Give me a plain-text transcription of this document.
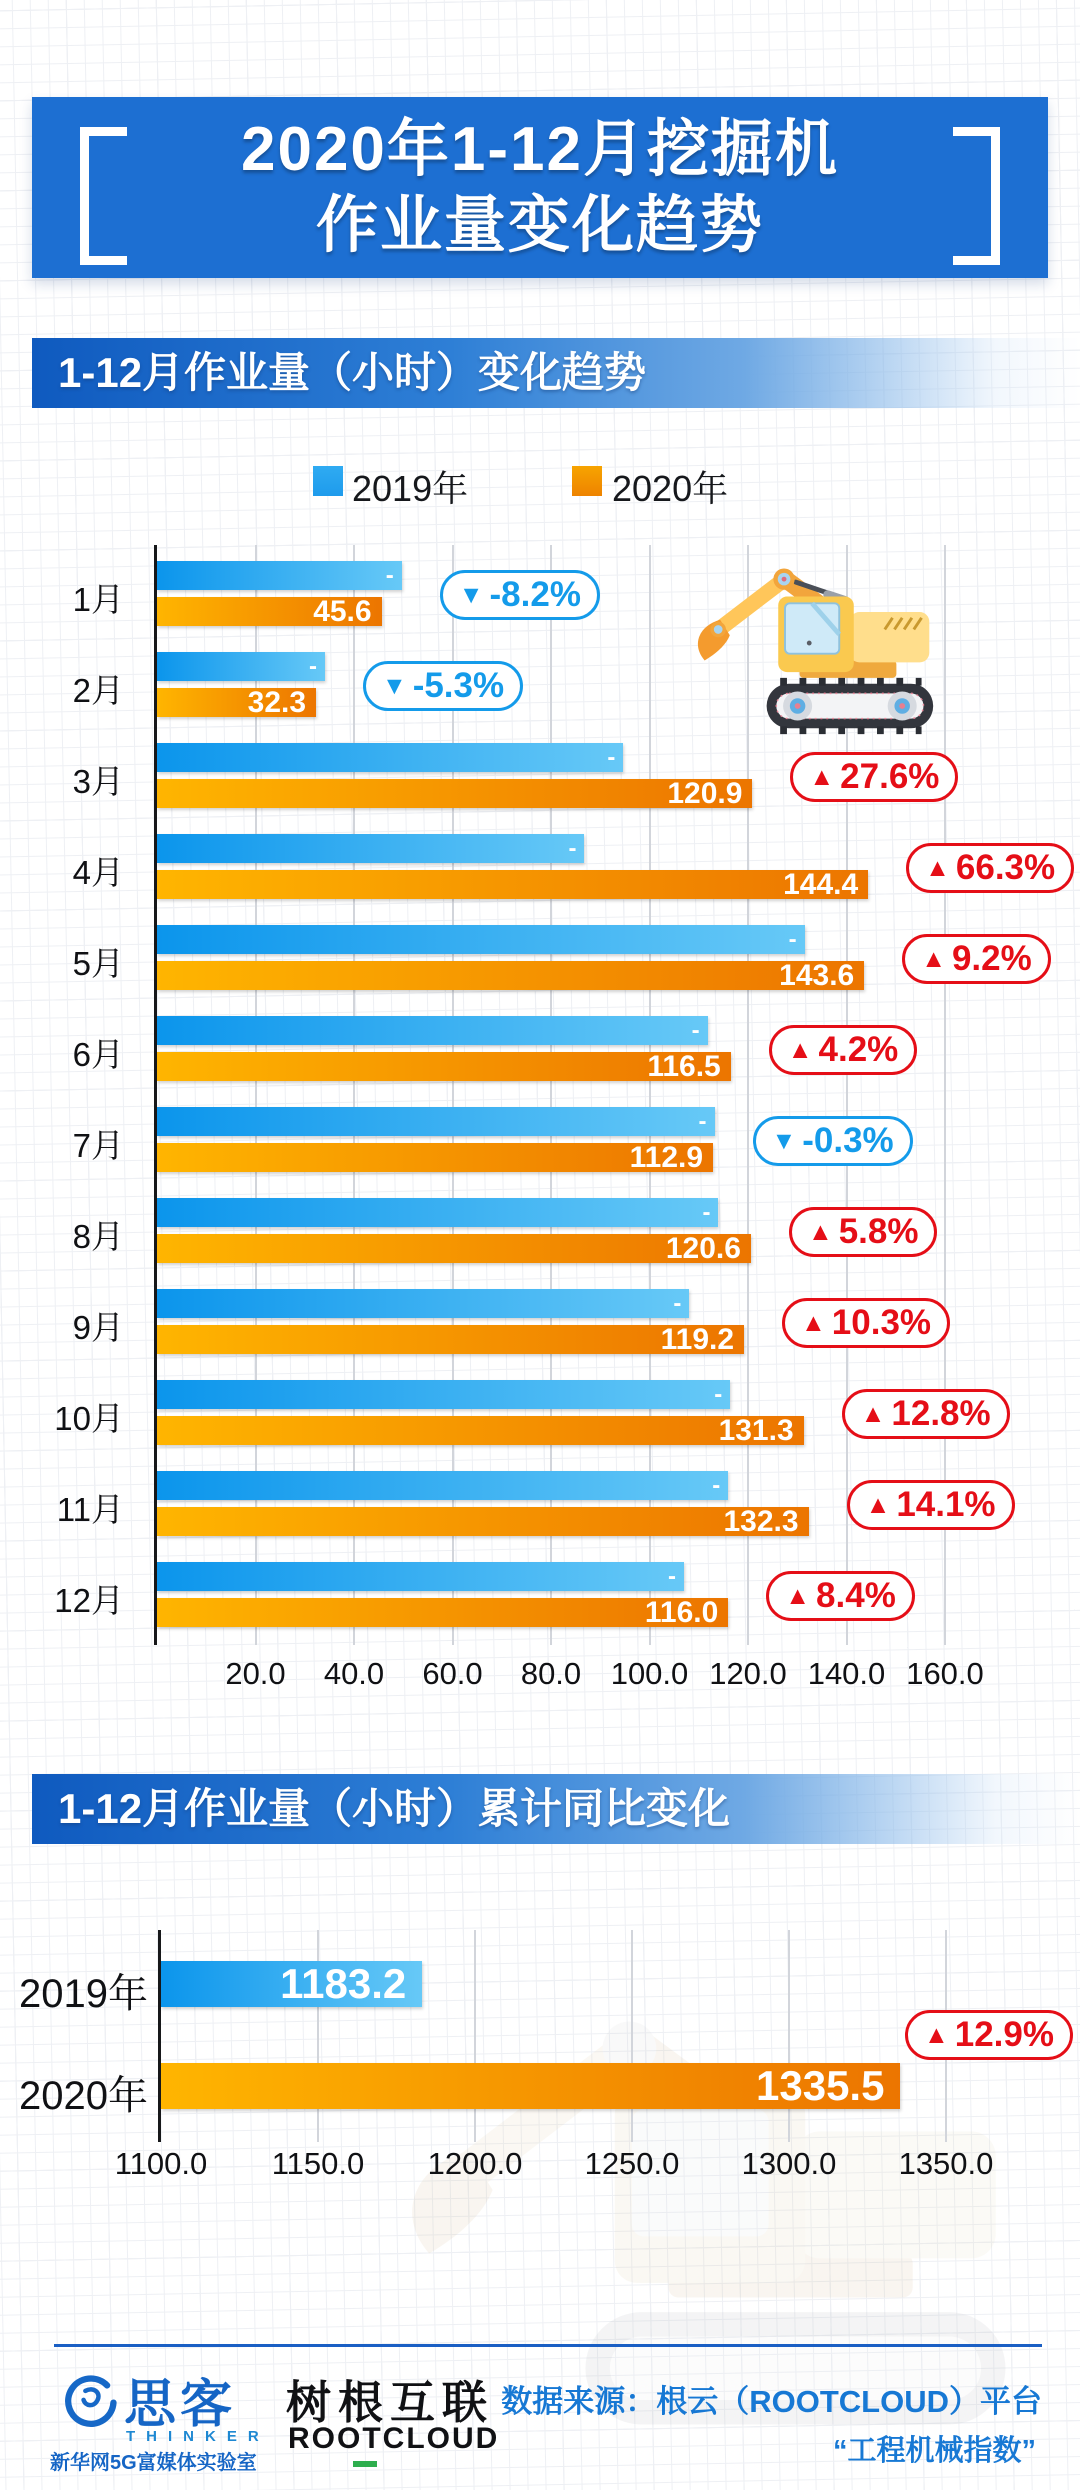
2020年1-12月挖掘机
作业量变化趋势
1-12月作业量（小时）变化趋势
2019年	2020年
20.0	40.0	60.0	80.0 100.0 120.0 140.0 160.0
1月
-
45.6	▼ -8.2%
2月
-
32.3	▼ -5.3%
3月
-
120.9	▲ 27.6%
4月
-
144.4	▲ 66.3%
5月
-
143.6	▲ 9.2%
6月
-
116.5	▲ 4.2%
7月
-
112.9	▼ -0.3%
8月
-
120.6	▲ 5.8%
9月
-
119.2	▲ 10.3%
10月
-
131.3	▲ 12.8%
11月
-
132.3	▲ 14.1%
12月
-
116.0	▲ 8.4%
1-12月作业量（小时）累计同比变化
1100.0	1150.0	1200.0	1250.0	1300.0	1350.0
2019年	1183.2
2020年	1335.5
▲ 12.9%
思客
THINKER
新华网5G富媒体实验室
树根互联
ROOTCLOUD
数据来源：根云（ROOTCLOUD）平台
“工程机械指数”
